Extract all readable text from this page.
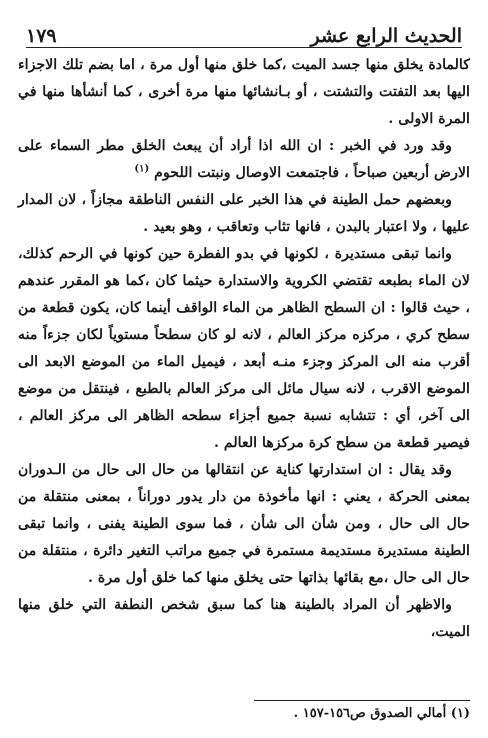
الحديث الرابع عشر
١٧٩

كالمادة يخلق منها جسد الميت ،كما خلق منها أول مرة ، اما بضم تلك الاجزاء اليها بعد التفتت والتشتت ، أو بـانشائها منها مرة أخرى ، كما أنشأها منها في المرة الاولى .

وقد ورد في الخبر : ان الله اذا أراد أن يبعث الخلق مطر السماء على الارض أربعين صباحاً ، فاجتمعت الاوصال ونبتت اللحوم $^{(١)}$

وبعضهم حمل الطينة في هذا الخبر على النفس الناطقة مجازاً ، لان المدار عليها ، ولا اعتبار بالبدن ، فانها تثاب وتعاقب ، وهو بعيد .

وانما تبقى مستديرة ، لكونها في بدو الفطرة حين كونها في الرحم كذلك، لان الماء بطبعه تقتضي الكروية والاستدارة حيثما كان ،كما هو المقرر عندهم ، حيث قالوا : ان السطح الظاهر من الماء الواقف أينما كان، يكون قطعة من سطح كري ، مركزه مركز العالم ، لانه لو كان سطحاً مستوياً لكان جزءاً منه أقرب منه الى المركز وجزء منـه أبعد ، فيميل الماء من الموضع الابعد الى الموضع الاقرب ، لانه سيال مائل الى مركز العالم بالطبع ، فينتقل من موضع الى آخر، أي : تتشابه نسبة جميع أجزاء سطحه الظاهر الى مركز العالم ، فيصير قطعة من سطح كرة مركزها العالم .

وقد يقال : ان استدارتها كناية عن انتقالها من حال الى حال من الـدوران بمعنى الحركة ، يعني : انها مأخوذة من دار يدور دوراناً ، بمعنى منتقلة من حال الى حال ، ومن شأن الى شأن ، فما سوى الطينة يفنى ، وانما تبقى الطينة مستديرة مستديمة مستمرة في جميع مراتب التغير دائرة ، منتقلة من حال الى حال ،مع بقائها بذاتها حتى يخلق منها كما خلق أول مرة .

والاظهر أن المراد بالطينة هنا كما سبق شخص النطفة التي خلق منها الميت،

(١) أمالي الصدوق ص١٥٦-١٥٧ .
